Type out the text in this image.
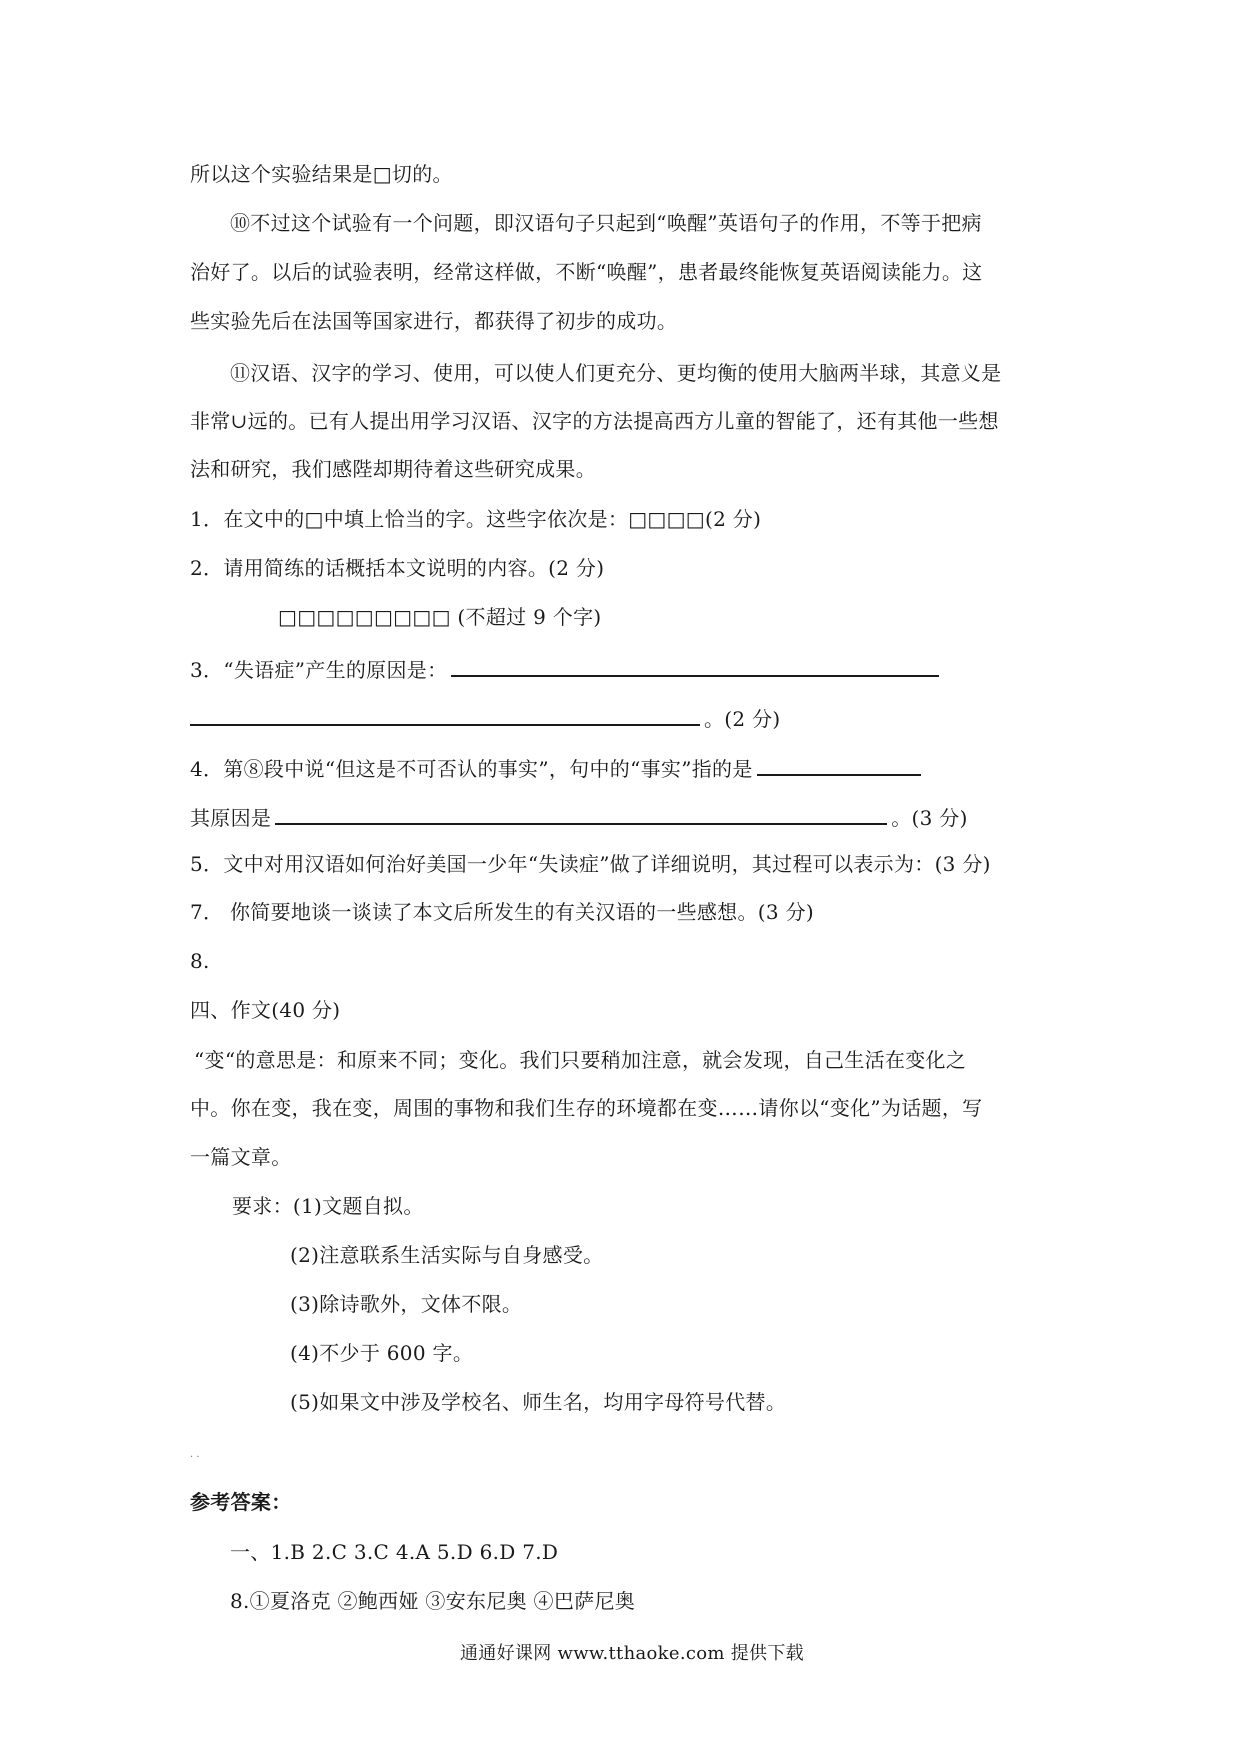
所以这个实验结果是□切的。
⑩不过这个试验有一个问题，即汉语句子只起到“唤醒”英语句子的作用，不等于把病
治好了。以后的试验表明，经常这样做，不断“唤醒”，患者最终能恢复英语阅读能力。这
些实验先后在法国等国家进行，都获得了初步的成功。
⑪汉语、汉字的学习、使用，可以使人们更充分、更均衡的使用大脑两半球，其意义是
非常∪远的。已有人提出用学习汉语、汉字的方法提高西方儿童的智能了，还有其他一些想
法和研究，我们感陛却期待着这些研究成果。
1．在文中的□中填上恰当的字。这些字依次是：□□□□(2 分)
2．请用简练的话概括本文说明的内容。(2 分)
□□□□□□□□□ (不超过 9 个字)
3．“失语症”产生的原因是：
。(2 分)
4．第⑧段中说“但这是不可否认的事实”，句中的“事实”指的是
其原因是	。(3 分)
5．文中对用汉语如何治好美国一少年“失读症”做了详细说明，其过程可以表示为：(3 分)
7． 你简要地谈一谈读了本文后所发生的有关汉语的一些感想。(3 分)
8.
四、作文(40 分)
“变“的意思是：和原来不同；变化。我们只要稍加注意，就会发现，自己生活在变化之
中。你在变，我在变，周围的事物和我们生存的环境都在变……请你以“变化”为话题，写
一篇文章。
要求：(1)文题自拟。
(2)注意联系生活实际与自身感受。
(3)除诗歌外，文体不限。
(4)不少于 600 字。
(5)如果文中涉及学校名、师生名，均用字母符号代替。
· ·
参考答案：
一、1.B 2.C 3.C 4.A 5.D 6.D 7.D
8.①夏洛克 ②鲍西娅 ③安东尼奥 ④巴萨尼奥
通通好课网 www.tthaoke.com 提供下载
